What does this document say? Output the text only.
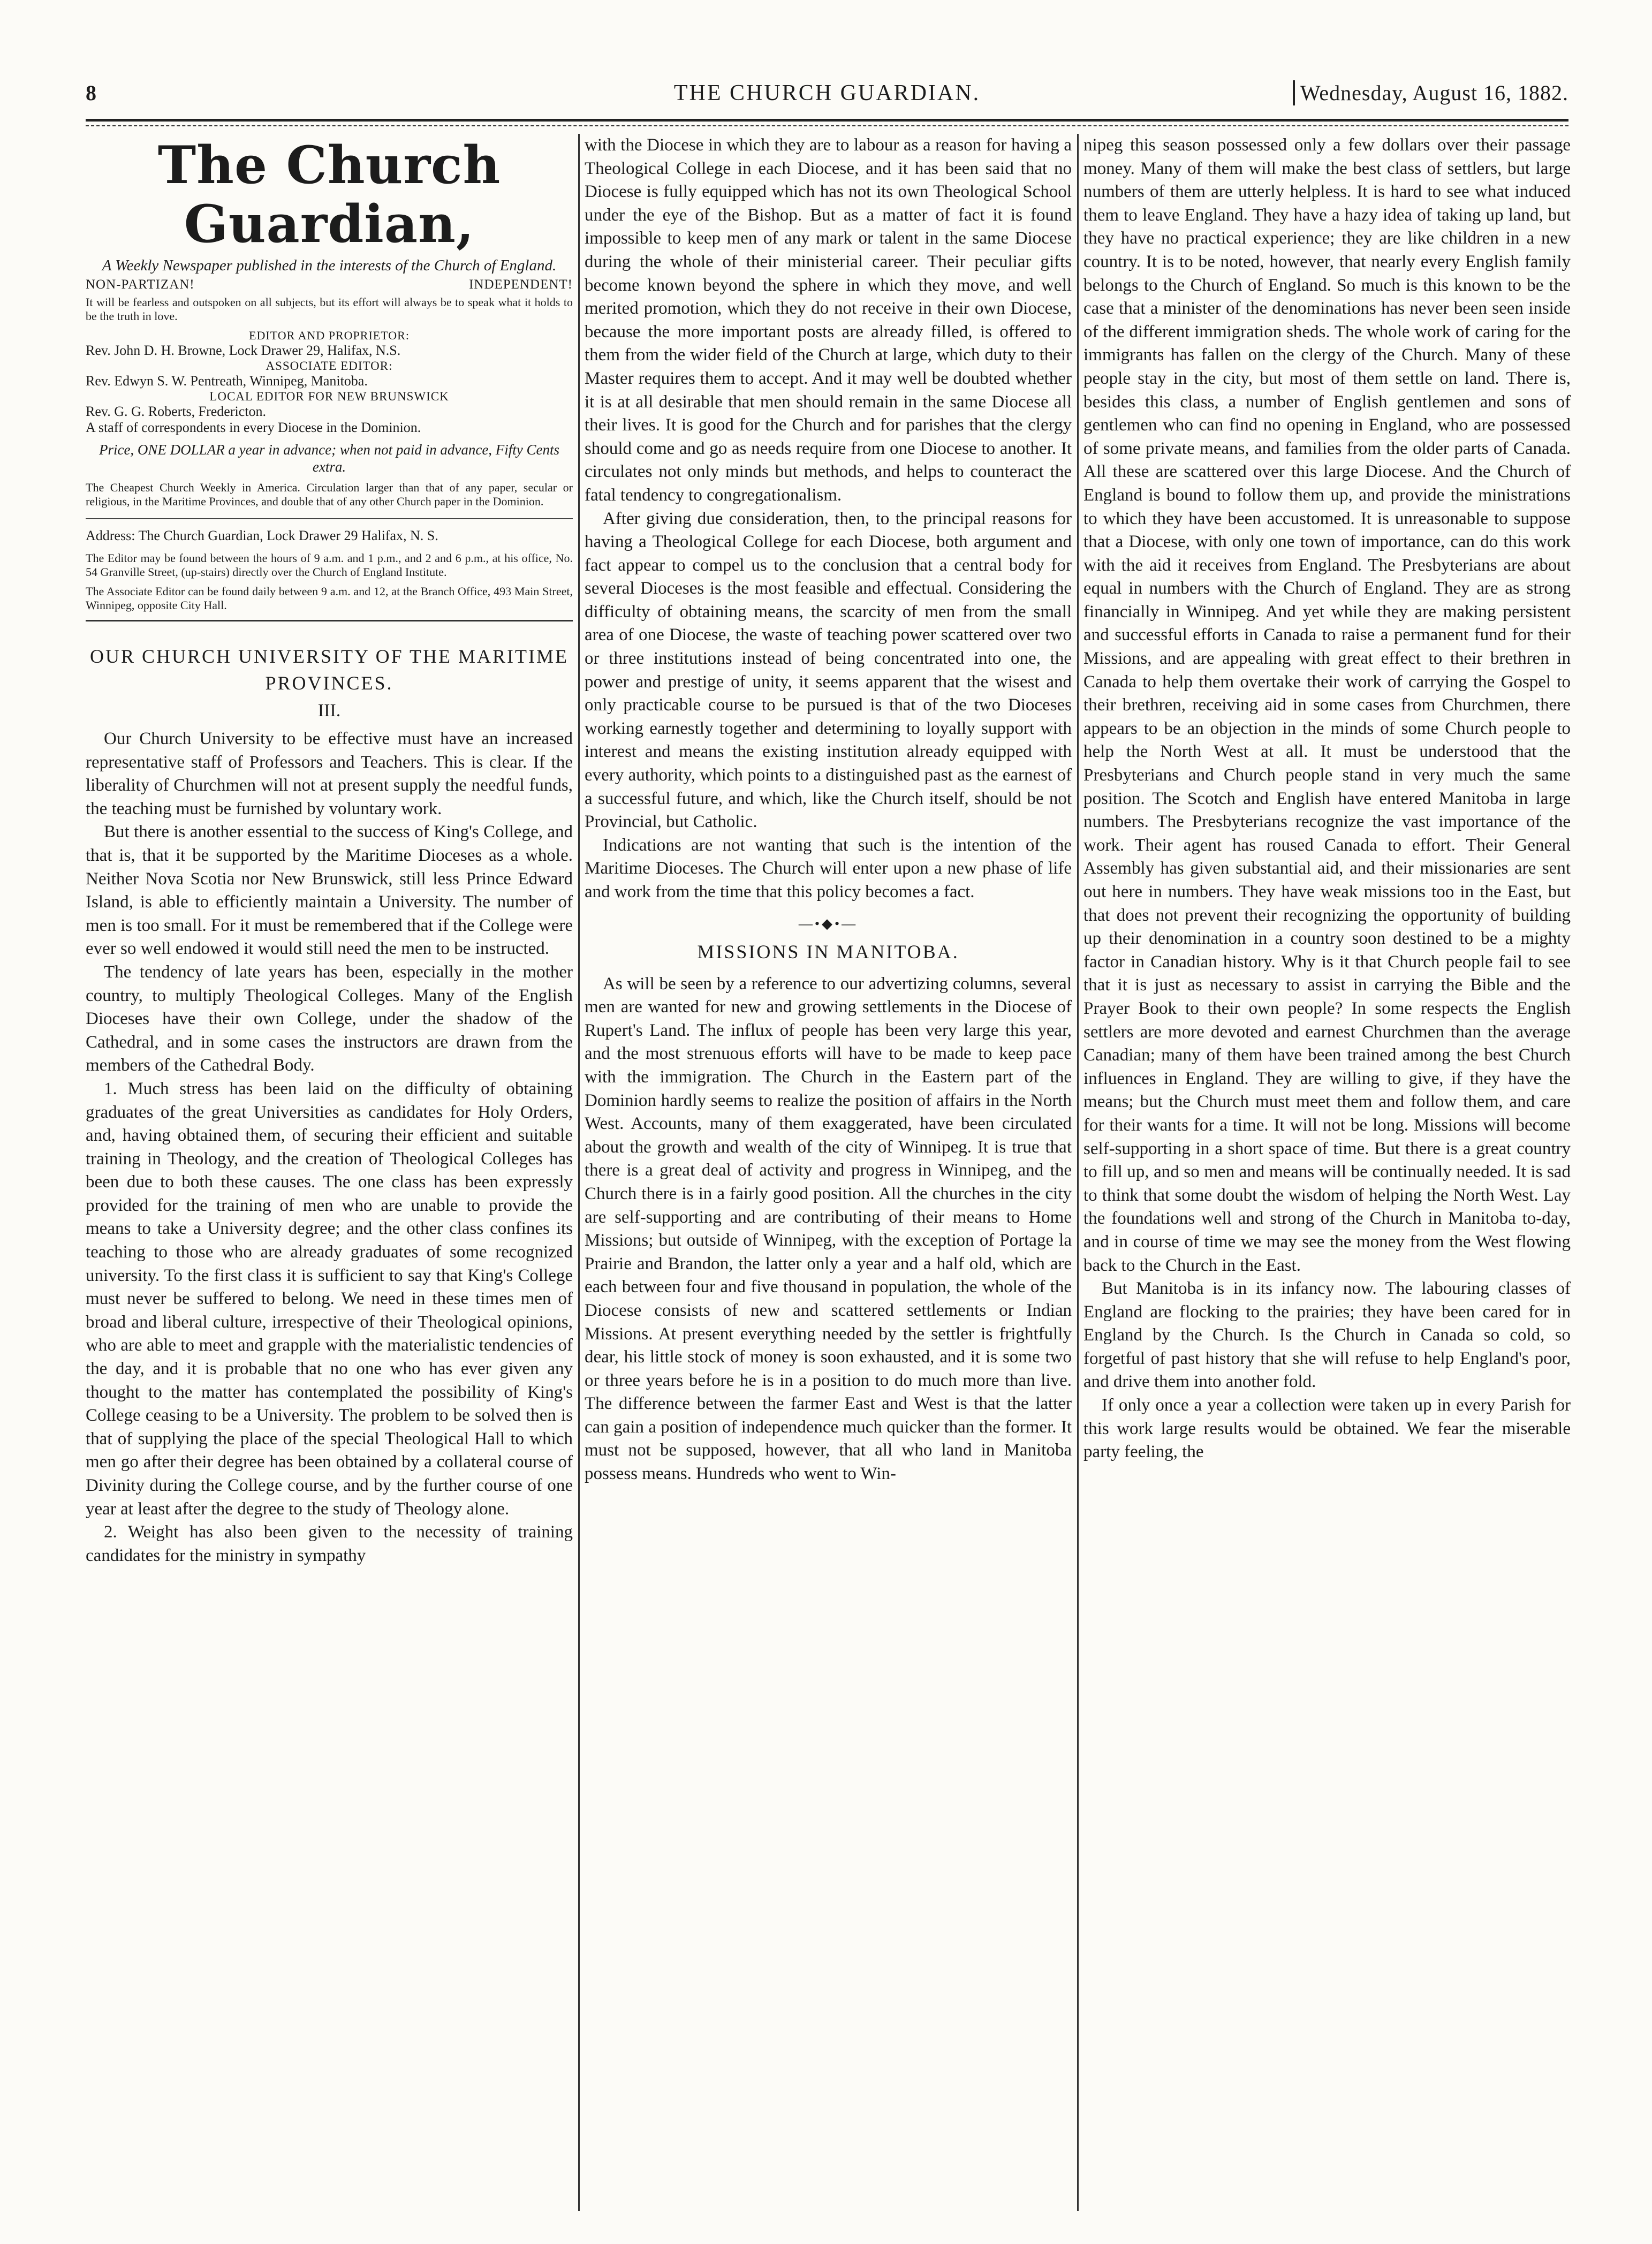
8	THE CHURCH GUARDIAN.	Wednesday, August 16, 1882.
The Church Guardian,
A Weekly Newspaper published in the interests of the Church of England.
NON-PARTIZAN!	INDEPENDENT!
It will be fearless and outspoken on all subjects, but its effort will always be to speak what it holds to be the truth in love.
EDITOR AND PROPRIETOR:
Rev. John D. H. Browne, Lock Drawer 29, Halifax, N.S.
ASSOCIATE EDITOR:
Rev. Edwyn S. W. Pentreath, Winnipeg, Manitoba.
LOCAL EDITOR FOR NEW BRUNSWICK
Rev. G. G. Roberts, Fredericton.
A staff of correspondents in every Diocese in the Dominion.
Price, ONE DOLLAR a year in advance; when not paid in advance, Fifty Cents extra.
The Cheapest Church Weekly in America. Circulation larger than that of any paper, secular or religious, in the Maritime Provinces, and double that of any other Church paper in the Dominion.
Address: The Church Guardian, Lock Drawer 29 Halifax, N. S.
The Editor may be found between the hours of 9 a.m. and 1 p.m., and 2 and 6 p.m., at his office, No. 54 Granville Street, (up-stairs) directly over the Church of England Institute.
The Associate Editor can be found daily between 9 a.m. and 12, at the Branch Office, 493 Main Street, Winnipeg, opposite City Hall.
OUR CHURCH UNIVERSITY OF THE MARITIME PROVINCES.
III.

Our Church University to be effective must have an increased representative staff of Professors and Teachers. This is clear. If the liberality of Churchmen will not at present supply the needful funds, the teaching must be furnished by voluntary work.

But there is another essential to the success of King's College, and that is, that it be supported by the Maritime Dioceses as a whole. Neither Nova Scotia nor New Brunswick, still less Prince Edward Island, is able to efficiently maintain a University. The number of men is too small. For it must be remembered that if the College were ever so well endowed it would still need the men to be instructed.

The tendency of late years has been, especially in the mother country, to multiply Theological Colleges. Many of the English Dioceses have their own College, under the shadow of the Cathedral, and in some cases the instructors are drawn from the members of the Cathedral Body.

1. Much stress has been laid on the difficulty of obtaining graduates of the great Universities as candidates for Holy Orders, and, having obtained them, of securing their efficient and suitable training in Theology, and the creation of Theological Colleges has been due to both these causes. The one class has been expressly provided for the training of men who are unable to provide the means to take a University degree; and the other class confines its teaching to those who are already graduates of some recognized university. To the first class it is sufficient to say that King's College must never be suffered to belong. We need in these times men of broad and liberal culture, irrespective of their Theological opinions, who are able to meet and grapple with the materialistic tendencies of the day, and it is probable that no one who has ever given any thought to the matter has contemplated the possibility of King's College ceasing to be a University. The problem to be solved then is that of supplying the place of the special Theological Hall to which men go after their degree has been obtained by a collateral course of Divinity during the College course, and by the further course of one year at least after the degree to the study of Theology alone.

2. Weight has also been given to the necessity of training candidates for the ministry in sympathy

with the Diocese in which they are to labour as a reason for having a Theological College in each Diocese, and it has been said that no Diocese is fully equipped which has not its own Theological School under the eye of the Bishop. But as a matter of fact it is found impossible to keep men of any mark or talent in the same Diocese during the whole of their ministerial career. Their peculiar gifts become known beyond the sphere in which they move, and well merited promotion, which they do not receive in their own Diocese, because the more important posts are already filled, is offered to them from the wider field of the Church at large, which duty to their Master requires them to accept. And it may well be doubted whether it is at all desirable that men should remain in the same Diocese all their lives. It is good for the Church and for parishes that the clergy should come and go as needs require from one Diocese to another. It circulates not only minds but methods, and helps to counteract the fatal tendency to congregationalism.

After giving due consideration, then, to the principal reasons for having a Theological College for each Diocese, both argument and fact appear to compel us to the conclusion that a central body for several Dioceses is the most feasible and effectual. Considering the difficulty of obtaining means, the scarcity of men from the small area of one Diocese, the waste of teaching power scattered over two or three institutions instead of being concentrated into one, the power and prestige of unity, it seems apparent that the wisest and only practicable course to be pursued is that of the two Dioceses working earnestly together and determining to loyally support with interest and means the existing institution already equipped with every authority, which points to a distinguished past as the earnest of a successful future, and which, like the Church itself, should be not Provincial, but Catholic.

Indications are not wanting that such is the intention of the Maritime Dioceses. The Church will enter upon a new phase of life and work from the time that this policy becomes a fact.

—•◆•—
MISSIONS IN MANITOBA.

As will be seen by a reference to our advertizing columns, several men are wanted for new and growing settlements in the Diocese of Rupert's Land. The influx of people has been very large this year, and the most strenuous efforts will have to be made to keep pace with the immigration. The Church in the Eastern part of the Dominion hardly seems to realize the position of affairs in the North West. Accounts, many of them exaggerated, have been circulated about the growth and wealth of the city of Winnipeg. It is true that there is a great deal of activity and progress in Winnipeg, and the Church there is in a fairly good position. All the churches in the city are self-supporting and are contributing of their means to Home Missions; but outside of Winnipeg, with the exception of Portage la Prairie and Brandon, the latter only a year and a half old, which are each between four and five thousand in population, the whole of the Diocese consists of new and scattered settlements or Indian Missions. At present everything needed by the settler is frightfully dear, his little stock of money is soon exhausted, and it is some two or three years before he is in a position to do much more than live. The difference between the farmer East and West is that the latter can gain a position of independence much quicker than the former. It must not be supposed, however, that all who land in Manitoba possess means. Hundreds who went to Win-

nipeg this season possessed only a few dollars over their passage money. Many of them will make the best class of settlers, but large numbers of them are utterly helpless. It is hard to see what induced them to leave England. They have a hazy idea of taking up land, but they have no practical experience; they are like children in a new country. It is to be noted, however, that nearly every English family belongs to the Church of England. So much is this known to be the case that a minister of the denominations has never been seen inside of the different immigration sheds. The whole work of caring for the immigrants has fallen on the clergy of the Church. Many of these people stay in the city, but most of them settle on land. There is, besides this class, a number of English gentlemen and sons of gentlemen who can find no opening in England, who are possessed of some private means, and families from the older parts of Canada. All these are scattered over this large Diocese. And the Church of England is bound to follow them up, and provide the ministrations to which they have been accustomed. It is unreasonable to suppose that a Diocese, with only one town of importance, can do this work with the aid it receives from England. The Presbyterians are about equal in numbers with the Church of England. They are as strong financially in Winnipeg. And yet while they are making persistent and successful efforts in Canada to raise a permanent fund for their Missions, and are appealing with great effect to their brethren in Canada to help them overtake their work of carrying the Gospel to their brethren, receiving aid in some cases from Churchmen, there appears to be an objection in the minds of some Church people to help the North West at all. It must be understood that the Presbyterians and Church people stand in very much the same position. The Scotch and English have entered Manitoba in large numbers. The Presbyterians recognize the vast importance of the work. Their agent has roused Canada to effort. Their General Assembly has given substantial aid, and their missionaries are sent out here in numbers. They have weak missions too in the East, but that does not prevent their recognizing the opportunity of building up their denomination in a country soon destined to be a mighty factor in Canadian history. Why is it that Church people fail to see that it is just as necessary to assist in carrying the Bible and the Prayer Book to their own people? In some respects the English settlers are more devoted and earnest Churchmen than the average Canadian; many of them have been trained among the best Church influences in England. They are willing to give, if they have the means; but the Church must meet them and follow them, and care for their wants for a time. It will not be long. Missions will become self-supporting in a short space of time. But there is a great country to fill up, and so men and means will be continually needed. It is sad to think that some doubt the wisdom of helping the North West. Lay the foundations well and strong of the Church in Manitoba to-day, and in course of time we may see the money from the West flowing back to the Church in the East.

But Manitoba is in its infancy now. The labouring classes of England are flocking to the prairies; they have been cared for in England by the Church. Is the Church in Canada so cold, so forgetful of past history that she will refuse to help England's poor, and drive them into another fold.

If only once a year a collection were taken up in every Parish for this work large results would be obtained. We fear the miserable party feeling, the
